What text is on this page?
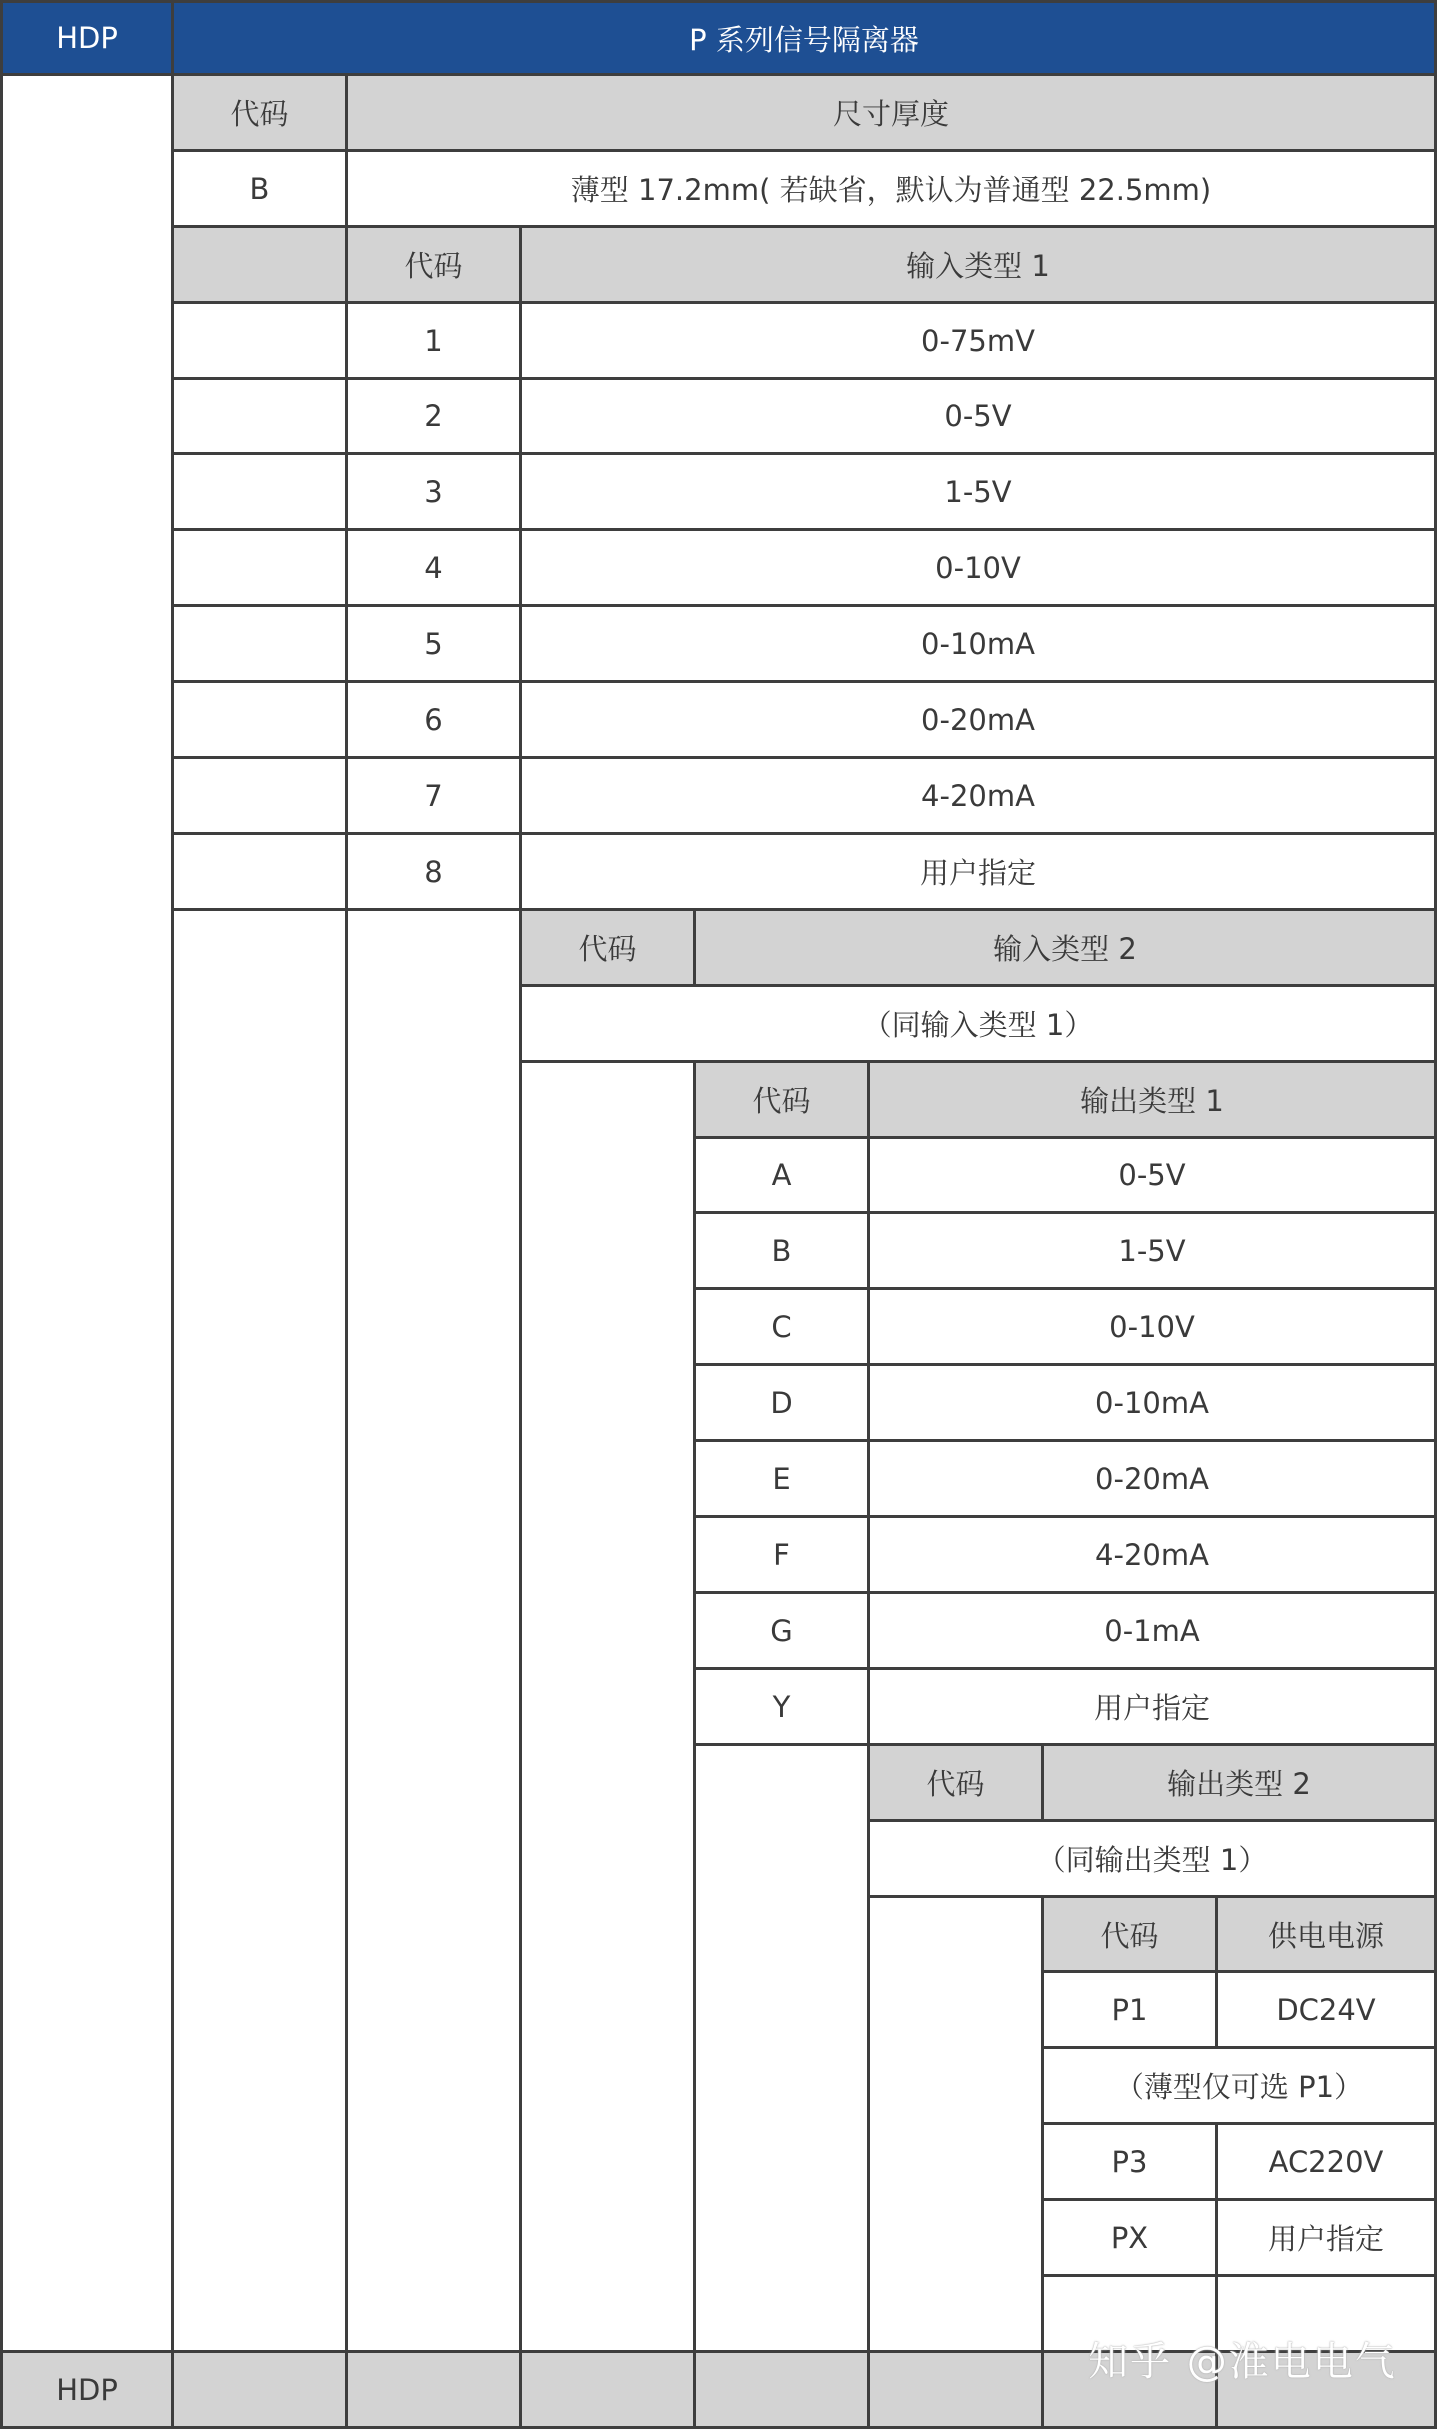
HDP	P 系列信号隔离器
代码	尺寸厚度
B	薄型 17.2mm( 若缺省，默认为普通型 22.5mm)
代码	输入类型 1
1	0-75mV
2	0-5V
3	1-5V
4	0-10V
5	0-10mA
6	0-20mA
7	4-20mA
8	用户指定
代码	输入类型 2
（同输入类型 1）
代码	输出类型 1
A	0-5V
B	1-5V
C	0-10V
D	0-10mA
E	0-20mA
F	4-20mA
G	0-1mA
Y	用户指定
代码	输出类型 2
（同输出类型 1）
代码	供电电源
P1	DC24V
（薄型仅可选 P1）
P3	AC220V
PX	用户指定
HDP
知乎 @淮电电气
